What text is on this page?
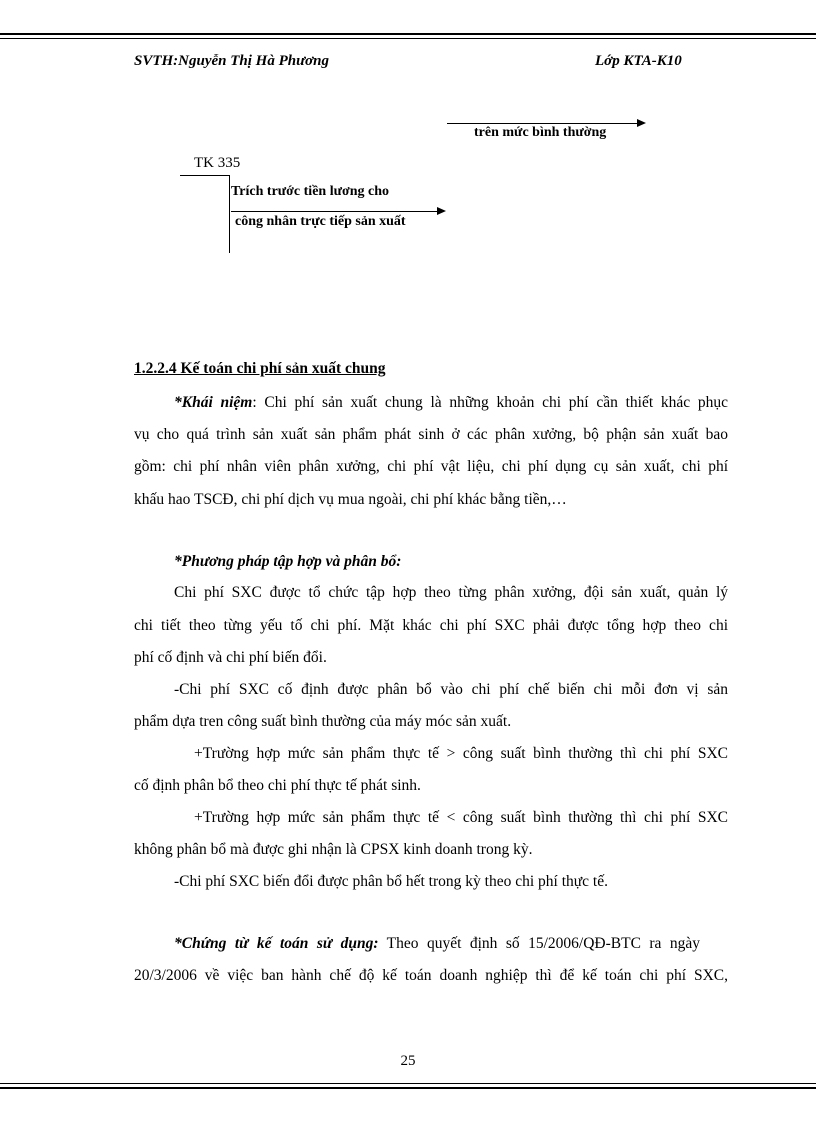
SVTH:Nguyễn Thị Hà Phương	Lớp KTA-K10
trên mức bình thường
TK 335
Trích trước tiền lương cho
công nhân trực tiếp sản xuất
1.2.2.4 Kế toán chi phí sản xuất chung
*Khái niệm: Chi phí sản xuất chung là những khoản chi phí cần thiết khác phục
vụ cho quá trình sản xuất sản phẩm phát sinh ở các phân xưởng, bộ phận sản xuất bao
gồm: chi phí nhân viên phân xưởng, chi phí vật liệu, chi phí dụng cụ sản xuất, chi phí
khấu hao TSCĐ, chi phí dịch vụ mua ngoài, chi phí khác bằng tiền,…
*Phương pháp tập hợp và phân bổ:
Chi phí SXC được tổ chức tập hợp theo từng phân xưởng, đội sản xuất, quản lý
chi tiết theo từng yếu tố chi phí. Mặt khác chi phí SXC phải được tổng hợp theo chi
phí cố định và chi phí biến đổi.
-Chi phí SXC cố định được phân bổ vào chi phí chế biến chi mỗi đơn vị sản
phẩm dựa tren công suất bình thường của máy móc sản xuất.
+Trường hợp mức sản phẩm thực tế > công suất bình thường thì chi phí SXC
cố định phân bổ theo chi phí thực tế phát sinh.
+Trường hợp mức sản phẩm thực tế < công suất bình thường thì chi phí SXC
không phân bổ mà được ghi nhận là CPSX kinh doanh trong kỳ.
-Chi phí SXC biến đổi được phân bổ hết trong kỳ theo chi phí thực tế.
*Chứng từ kế toán sử dụng: Theo quyết định số 15/2006/QĐ-BTC ra ngày
20/3/2006 về việc ban hành chế độ kế toán doanh nghiệp thì để kế toán chi phí SXC,
25
